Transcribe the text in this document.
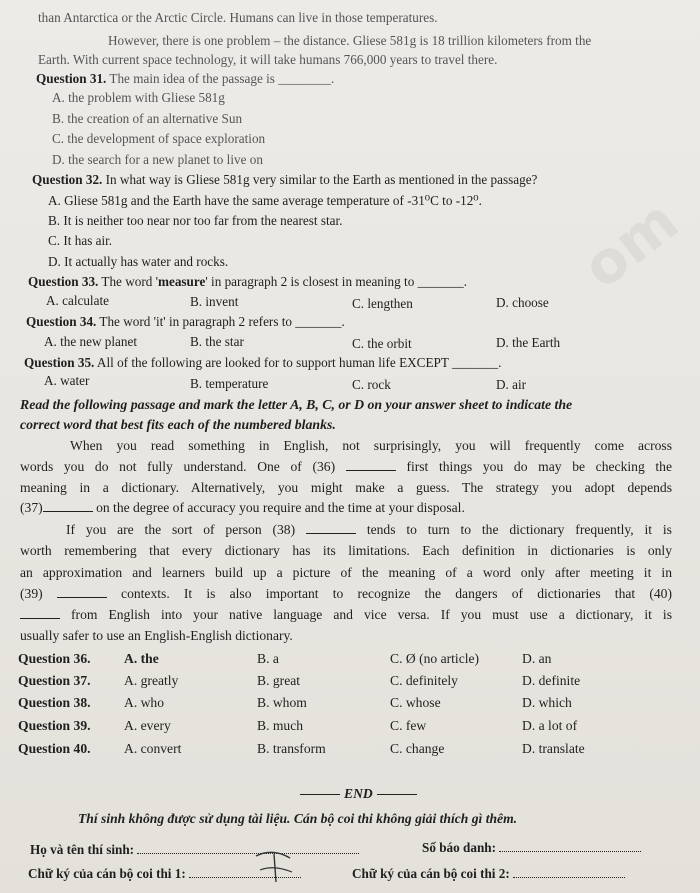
om
than Antarctica or the Arctic Circle. Humans can live in those temperatures.
However, there is one problem – the distance. Gliese 581g is 18 trillion kilometers from the
Earth. With current space technology, it will take humans 766,000 years to travel there.
Question 31. The main idea of the passage is ________.
A. the problem with Gliese 581g
B. the creation of an alternative Sun
C. the development of space exploration
D. the search for a new planet to live on
Question 32. In what way is Gliese 581g very similar to the Earth as mentioned in the passage?
A. Gliese 581g and the Earth have the same average temperature of -31⁰C to -12⁰.
B. It is neither too near nor too far from the nearest star.
C. It has air.
D. It actually has water and rocks.
Question 33. The word 'measure' in paragraph 2 is closest in meaning to _______.
A. calculate	B. invent	C. lengthen	D. choose
Question 34. The word 'it' in paragraph 2 refers to _______.
A. the new planet	B. the star	C. the orbit	D. the Earth
Question 35. All of the following are looked for to support human life EXCEPT _______.
A. water	B. temperature	C. rock	D. air
Read the following passage and mark the letter A, B, C, or D on your answer sheet to indicate the
correct word that best fits each of the numbered blanks.
When you read something in English, not surprisingly, you will frequently come across
words you do not fully understand. One of (36)	first things you do may be checking the
meaning in a dictionary. Alternatively, you might make a guess. The strategy you adopt depends
(37)	on the degree of accuracy you require and the time at your disposal.
If you are the sort of person (38)	tends to turn to the dictionary frequently, it is
worth remembering that every dictionary has its limitations. Each definition in dictionaries is only
an approximation and learners build up a picture of the meaning of a word only after meeting it in
(39)	contexts. It is also important to recognize the dangers of dictionaries that (40)
from English into your native language and vice versa. If you must use a dictionary, it is
usually safer to use an English-English dictionary.
Question 36. A. the	B. a	C. Ø (no article)	D. an
Question 37. A. greatly	B. great	C. definitely	D. definite
Question 38. A. who	B. whom	C. whose	D. which
Question 39. A. every	B. much	C. few	D. a lot of
Question 40. A. convert	B. transform	C. change	D. translate
END
Thí sinh không được sử dụng tài liệu. Cán bộ coi thi không giải thích gì thêm.
Họ và tên thí sinh:	Số báo danh:
Chữ ký của cán bộ coi thi 1:	Chữ ký của cán bộ coi thi 2:
